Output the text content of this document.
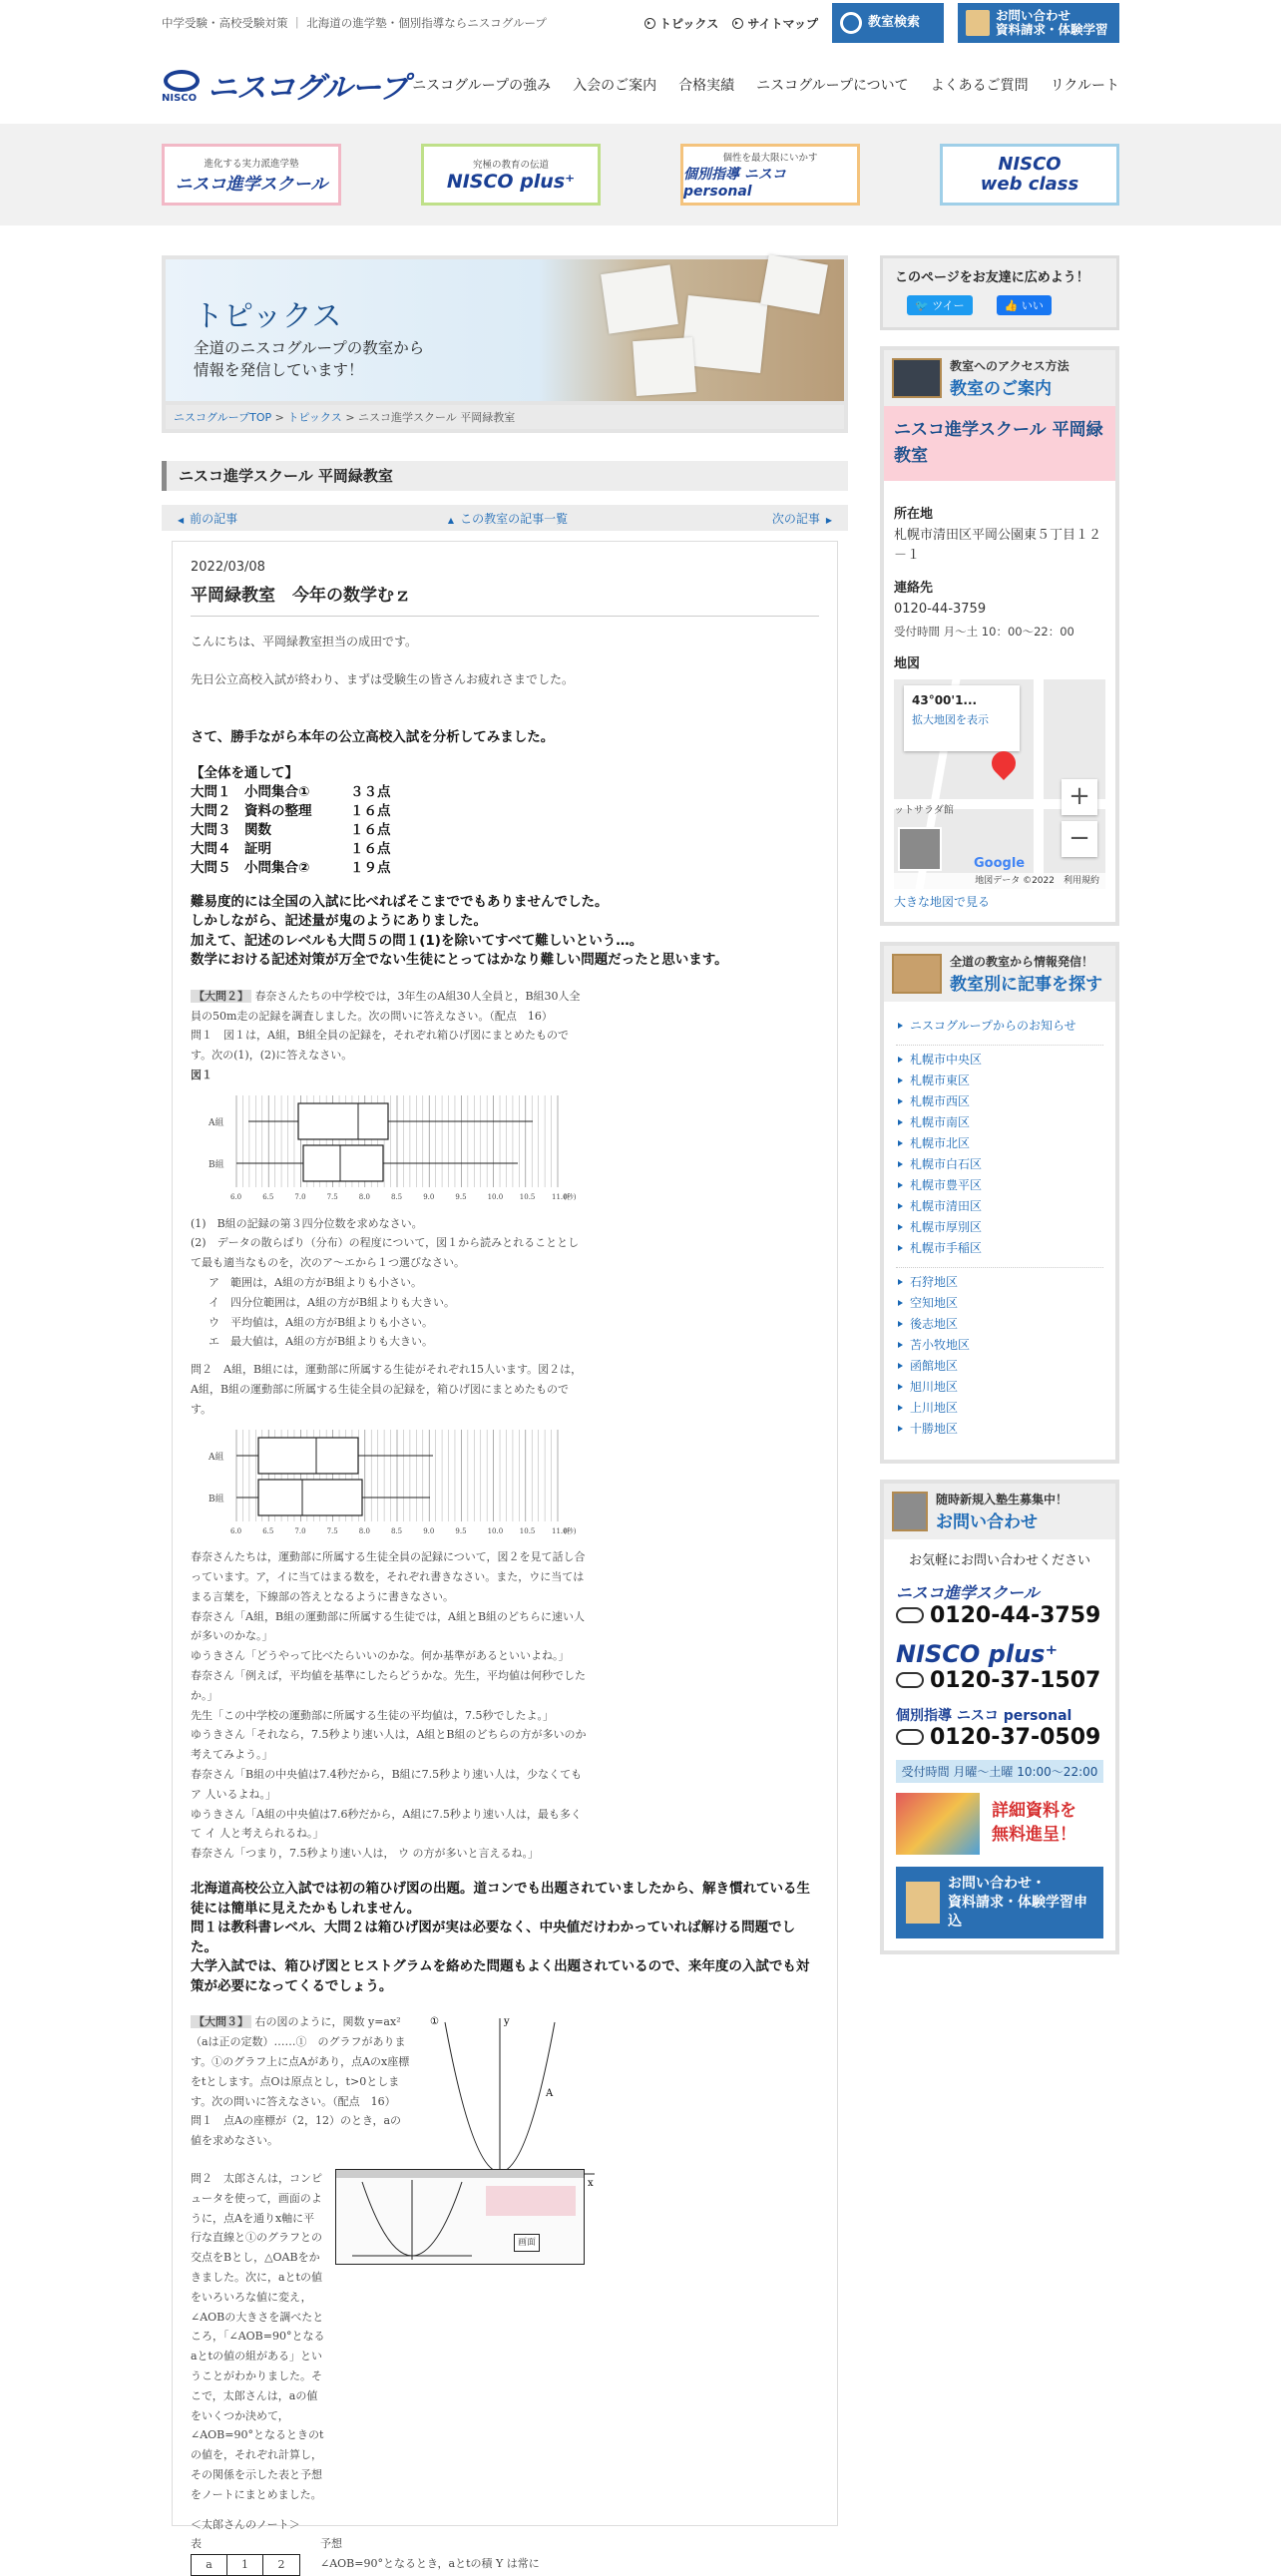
中学受験・高校受験対策 ｜ 北海道の進学塾・個別指導ならニスコグループ	トピックス サイトマップ	教室検索	お問い合わせ
資料請求・体験学習
NISCO ニスコグループ ニスコグループの強み 入会のご案内 合格実績 ニスコグループについて よくあるご質問 リクルート
進化する実力派進学塾
ニスコ進学スクール
究極の教育の伝道
NISCO plus⁺
個性を最大限にいかす
個別指導 ニスコ personal
NISCO web class
トピックス
全道のニスコグループの教室から
情報を発信しています！
ニスコグループTOP > トピックス > ニスコ進学スクール 平岡緑教室
ニスコ進学スクール 平岡緑教室
◀ 前の記事	▲ この教室の記事一覧	次の記事 ▶
2022/03/08
平岡緑教室　今年の数学むｚ
こんにちは、平岡緑教室担当の成田です。
先日公立高校入試が終わり、まずは受験生の皆さんお疲れさまでした。
さて、勝手ながら本年の公立高校入試を分析してみました。
【全体を通して】
大問１　小問集合①	３３点
大問２　資料の整理	１６点
大問３　関数	１６点
大問４　証明	１６点
大問５　小問集合②	１９点
難易度的には全国の入試に比べればそこまででもありませんでした。
しかしながら、記述量が鬼のようにありました。
加えて、記述のレベルも大問５の問１(1)を除いてすべて難しいという…。
数学における記述対策が万全でない生徒にとってはかなり難しい問題だったと思います。
【大問２】 春奈さんたちの中学校では，3年生のA組30人全員と，B組30人全員の50m走の記録を調査しました。次の問いに答えなさい。（配点　16）
問１　図１は，A組，B組全員の記録を，それぞれ箱ひげ図にまとめたものです。次の(1)，(2)に答えなさい。
図１
A組
B組
6.0	6.5	7.0	7.5	8.0	8.5	9.0	9.5	10.0 10.5 11.0
(秒)
(1)　B組の記録の第３四分位数を求めなさい。
(2)　データの散らばり（分布）の程度について，図１から読みとれることとして最も適当なものを，次のア～エから１つ選びなさい。
ア　範囲は，A組の方がB組よりも小さい。
イ　四分位範囲は，A組の方がB組よりも大きい。
ウ　平均値は，A組の方がB組よりも小さい。
エ　最大値は，A組の方がB組よりも大きい。
問２　A組，B組には，運動部に所属する生徒がそれぞれ15人います。図２は，A組，B組の運動部に所属する生徒全員の記録を，箱ひげ図にまとめたものです。
A組
B組
6.0	6.5	7.0	7.5	8.0	8.5	9.0	9.5	10.0 10.5 11.0
(秒)
春奈さんたちは，運動部に所属する生徒全員の記録について，図２を見て話し合っています。ア，イに当てはまる数を，それぞれ書きなさい。また，ウに当てはまる言葉を，下線部の答えとなるように書きなさい。
春奈さん「A組，B組の運動部に所属する生徒では，A組とB組のどちらに速い人が多いのかな。」
ゆうきさん「どうやって比べたらいいのかな。何か基準があるといいよね。」
春奈さん「例えば，平均値を基準にしたらどうかな。先生，平均値は何秒でしたか。」
先生「この中学校の運動部に所属する生徒の平均値は，7.5秒でしたよ。」
ゆうきさん「それなら，7.5秒より速い人は，A組とB組のどちらの方が多いのか考えてみよう。」
春奈さん「B組の中央値は7.4秒だから，B組に7.5秒より速い人は，少なくても ア 人いるよね。」
ゆうきさん「A組の中央値は7.6秒だから，A組に7.5秒より速い人は，最も多くて イ 人と考えられるね。」
春奈さん「つまり，7.5秒より速い人は， ウ の方が多いと言えるね。」
北海道高校公立入試では初の箱ひげ図の出題。道コンでも出題されていましたから、解き慣れている生徒には簡単に見えたかもしれません。
問１は教科書レベル、大問２は箱ひげ図が実は必要なく、中央値だけわかっていれば解ける問題でした。
大学入試では、箱ひげ図とヒストグラムを絡めた問題もよく出題されているので、来年度の入試でも対策が必要になってくるでしょう。
【大問３】 右の図のように，関数 y=ax²（aは正の定数）……①　のグラフがあります。①のグラフ上に点Aがあり，点Aのx座標をtとします。点Oは原点とし，t>0とします。次の問いに答えなさい。（配点　16）
問１　点Aの座標が（2，12）のとき，aの値を求めなさい。
y
x
A
①
問２　太郎さんは，コンピュータを使って，画面のように，点Aを通りx軸に平行な直線と①のグラフとの交点をBとし，△OABをかきました。次に，aとtの値をいろいろな値に変え，∠AOBの大きさを調べたところ，「∠AOB=90°となるaとtの値の組がある」ということがわかりました。そこで，太郎さんは，aの値をいくつか決めて，∠AOB=90°となるときのtの値を，それぞれ計算し，その関係を示した表と予想をノートにまとめました。
画面
＜太郎さんのノート＞
表
a	1	2
予想
∠AOB=90°となるとき，aとtの積 Y は常に
このページをお友達に広めよう！
🐦 ツイー	👍 いい
教室へのアクセス方法
教室のご案内
ニスコ進学スクール 平岡緑教室
所在地
札幌市清田区平岡公園東５丁目１２－１
連絡先
0120-44-3759
受付時間 月～土 10：00～22：00
地図
43°00'1...
拡大地図を表示
ットサラダ館	+
−
Google
地図データ ©2022　利用規約
大きな地図で見る
全道の教室から情報発信！
教室別に記事を探す
ニスコグループからのお知らせ
札幌市中央区
札幌市東区
札幌市西区
札幌市南区
札幌市北区
札幌市白石区
札幌市豊平区
札幌市清田区
札幌市厚別区
札幌市手稲区
石狩地区
空知地区
後志地区
苫小牧地区
函館地区
旭川地区
上川地区
十勝地区
随時新規入塾生募集中！
お問い合わせ
お気軽にお問い合わせください
ニスコ進学スクール
0120-44-3759
NISCO plus⁺
0120-37-1507
個別指導 ニスコ personal
0120-37-0509
受付時間 月曜～土曜 10:00～22:00
詳細資料を
無料進呈！
お問い合わせ・
資料請求・体験学習申込
